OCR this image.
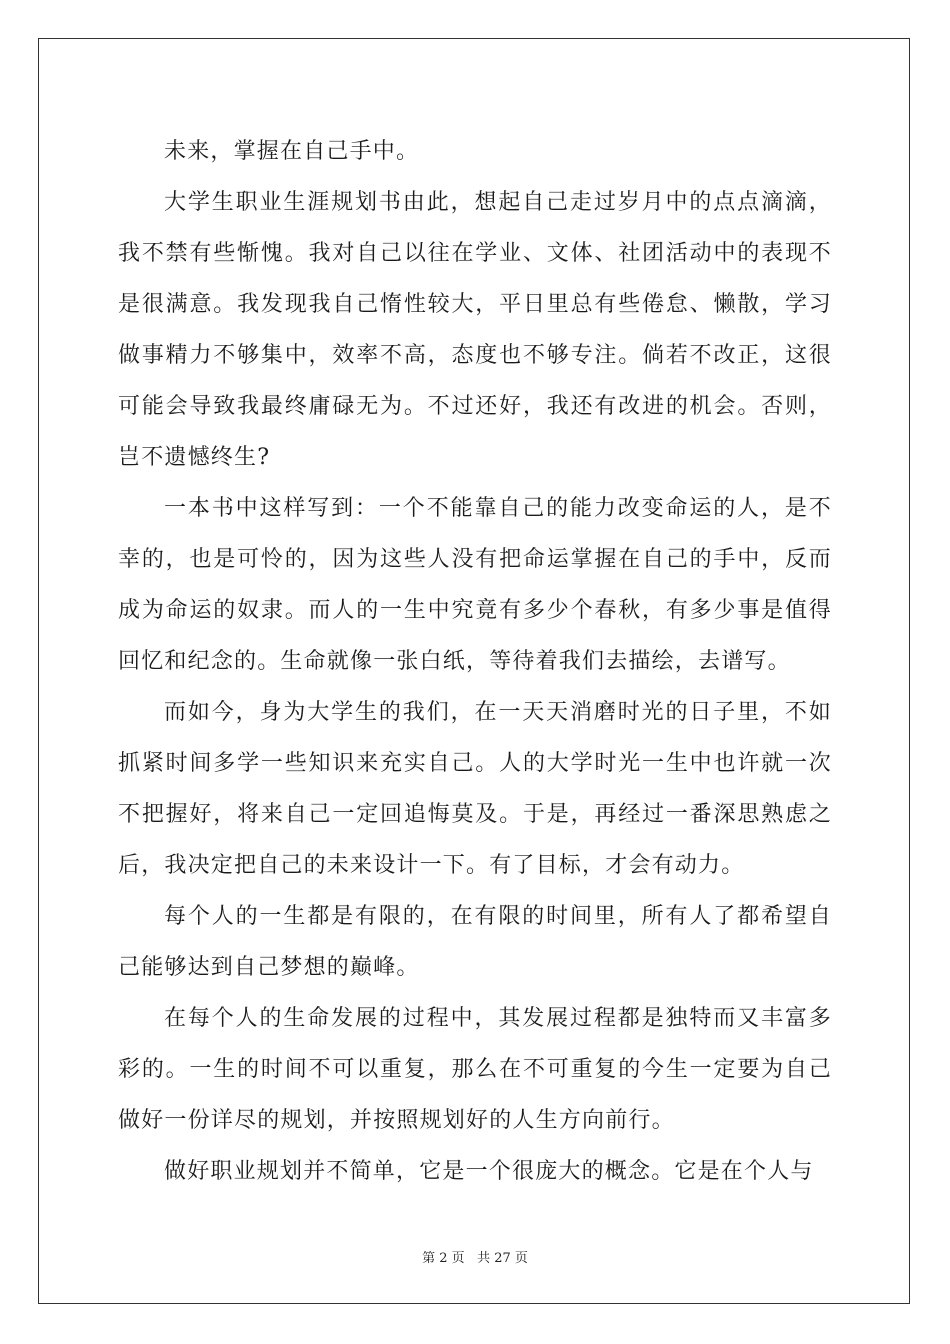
未来，掌握在自己手中。

大学生职业生涯规划书由此，想起自己走过岁月中的点点滴滴，我不禁有些惭愧。我对自己以往在学业、文体、社团活动中的表现不是很满意。我发现我自己惰性较大，平日里总有些倦怠、懒散，学习做事精力不够集中，效率不高，态度也不够专注。倘若不改正，这很可能会导致我最终庸碌无为。不过还好，我还有改进的机会。否则，岂不遗憾终生?

一本书中这样写到：一个不能靠自己的能力改变命运的人，是不幸的，也是可怜的，因为这些人没有把命运掌握在自己的手中，反而成为命运的奴隶。而人的一生中究竟有多少个春秋，有多少事是值得回忆和纪念的。生命就像一张白纸，等待着我们去描绘，去谱写。

而如今，身为大学生的我们，在一天天消磨时光的日子里，不如抓紧时间多学一些知识来充实自己。人的大学时光一生中也许就一次不把握好，将来自己一定回追悔莫及。于是，再经过一番深思熟虑之后，我决定把自己的未来设计一下。有了目标，才会有动力。

每个人的一生都是有限的，在有限的时间里，所有人了都希望自己能够达到自己梦想的巅峰。

在每个人的生命发展的过程中，其发展过程都是独特而又丰富多彩的。一生的时间不可以重复，那么在不可重复的今生一定要为自己做好一份详尽的规划，并按照规划好的人生方向前行。

做好职业规划并不简单，它是一个很庞大的概念。它是在个人与

第 2 页 共 27 页
